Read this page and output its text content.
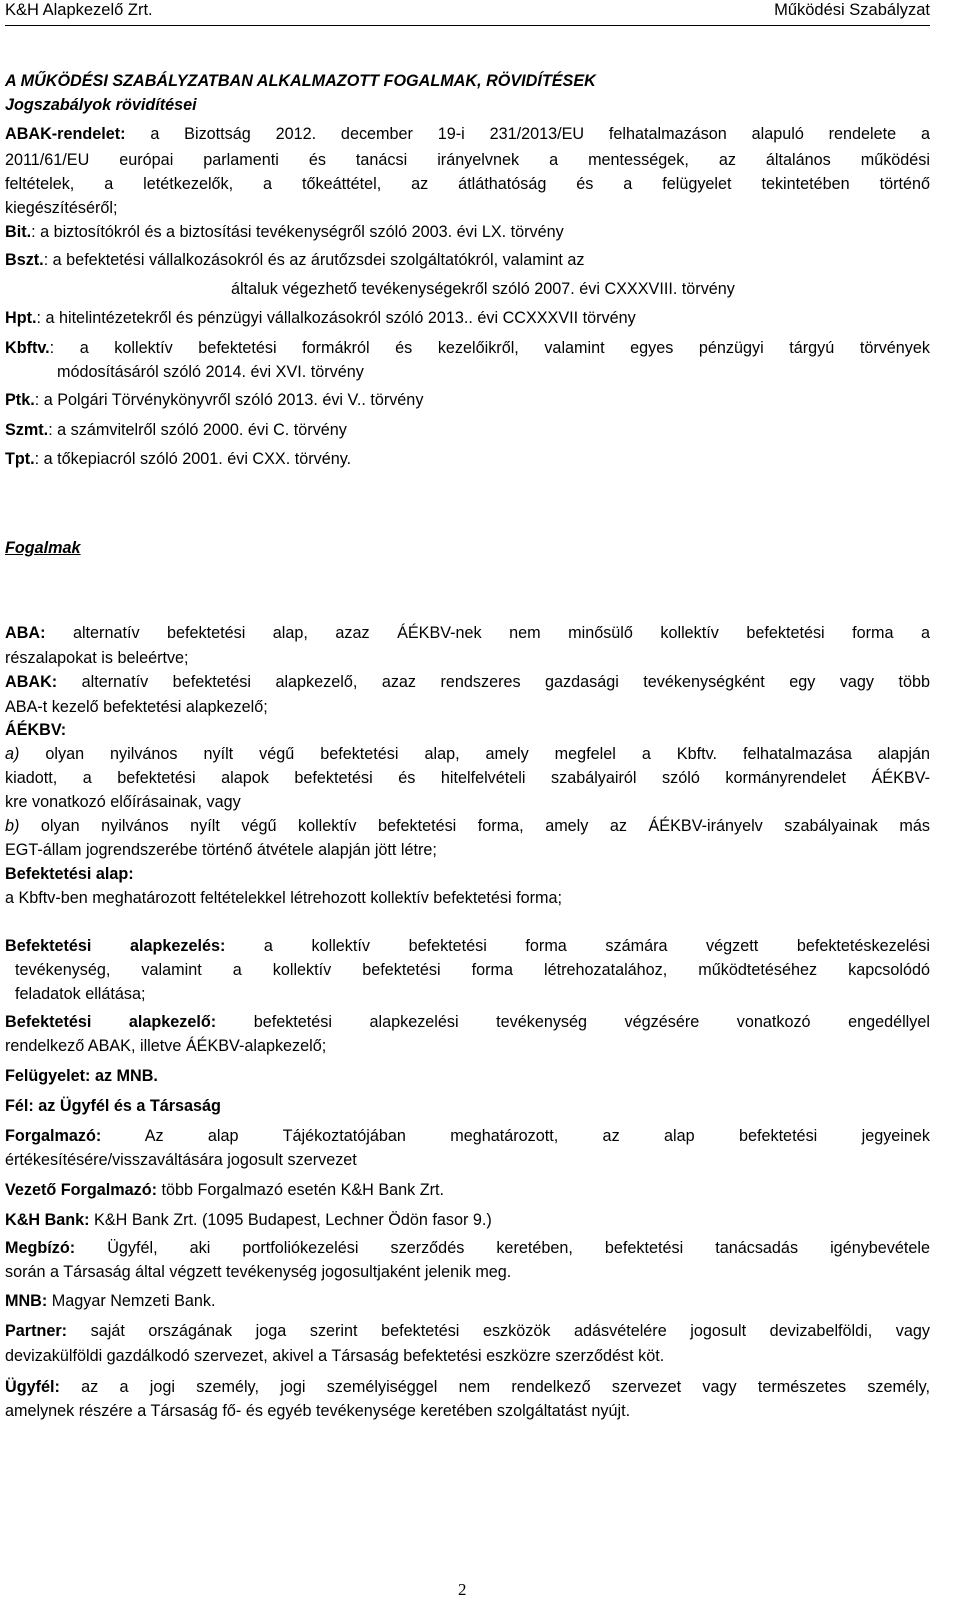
K&H Alapkezelő Zrt.	Működési Szabályzat
A MŰKÖDÉSI SZABÁLYZATBAN ALKALMAZOTT FOGALMAK, RÖVIDÍTÉSEK
Jogszabályok rövidítései
ABAK-rendelet: a Bizottság 2012. december 19-i 231/2013/EU felhatalmazáson alapuló rendelete a
2011/61/EU európai parlamenti és tanácsi irányelvnek a mentességek, az általános működési
feltételek, a letétkezelők, a tőkeáttétel, az átláthatóság és a felügyelet tekintetében történő
kiegészítéséről;
Bit.: a biztosítókról és a biztosítási tevékenységről szóló 2003. évi LX. törvény
Bszt.: a befektetési vállalkozásokról és az árutőzsdei szolgáltatókról, valamint az
általuk végezhető tevékenységekről szóló 2007. évi CXXXVIII. törvény
Hpt.: a hitelintézetekről és pénzügyi vállalkozásokról szóló 2013.. évi CCXXXVII törvény
Kbftv.: a kollektív befektetési formákról és kezelőikről, valamint egyes pénzügyi tárgyú törvények
módosításáról szóló 2014. évi XVI. törvény
Ptk.: a Polgári Törvénykönyvről szóló 2013. évi V.. törvény
Szmt.: a számvitelről szóló 2000. évi C. törvény
Tpt.: a tőkepiacról szóló 2001. évi CXX. törvény.
Fogalmak
ABA: alternatív befektetési alap, azaz ÁÉKBV-nek nem minősülő kollektív befektetési forma a
részalapokat is beleértve;
ABAK: alternatív befektetési alapkezelő, azaz rendszeres gazdasági tevékenységként egy vagy több
ABA-t kezelő befektetési alapkezelő;
ÁÉKBV:
a) olyan nyilvános nyílt végű befektetési alap, amely megfelel a Kbftv. felhatalmazása alapján
kiadott, a befektetési alapok befektetési és hitelfelvételi szabályairól szóló kormányrendelet ÁÉKBV-
kre vonatkozó előírásainak, vagy
b) olyan nyilvános nyílt végű kollektív befektetési forma, amely az ÁÉKBV-irányelv szabályainak más
EGT-állam jogrendszerébe történő átvétele alapján jött létre;
Befektetési alap:
a Kbftv-ben meghatározott feltételekkel létrehozott kollektív befektetési forma;
Befektetési alapkezelés: a kollektív befektetési forma számára végzett befektetéskezelési
tevékenység, valamint a kollektív befektetési forma létrehozatalához, működtetéséhez kapcsolódó
feladatok ellátása;
Befektetési alapkezelő: befektetési alapkezelési tevékenység végzésére vonatkozó engedéllyel
rendelkező ABAK, illetve ÁÉKBV-alapkezelő;
Felügyelet: az MNB.
Fél: az Ügyfél és a Társaság
Forgalmazó: Az alap Tájékoztatójában meghatározott, az alap befektetési jegyeinek
értékesítésére/visszaváltására jogosult szervezet
Vezető Forgalmazó: több Forgalmazó esetén K&H Bank Zrt.
K&H Bank: K&H Bank Zrt. (1095 Budapest, Lechner Ödön fasor 9.)
Megbízó: Ügyfél, aki portfoliókezelési szerződés keretében, befektetési tanácsadás igénybevétele
során a Társaság által végzett tevékenység jogosultjaként jelenik meg.
MNB: Magyar Nemzeti Bank.
Partner: saját országának joga szerint befektetési eszközök adásvételére jogosult devizabelföldi, vagy
devizakülföldi gazdálkodó szervezet, akivel a Társaság befektetési eszközre szerződést köt.
Ügyfél: az a jogi személy, jogi személyiséggel nem rendelkező szervezet vagy természetes személy,
amelynek részére a Társaság fő- és egyéb tevékenysége keretében szolgáltatást nyújt.
2
